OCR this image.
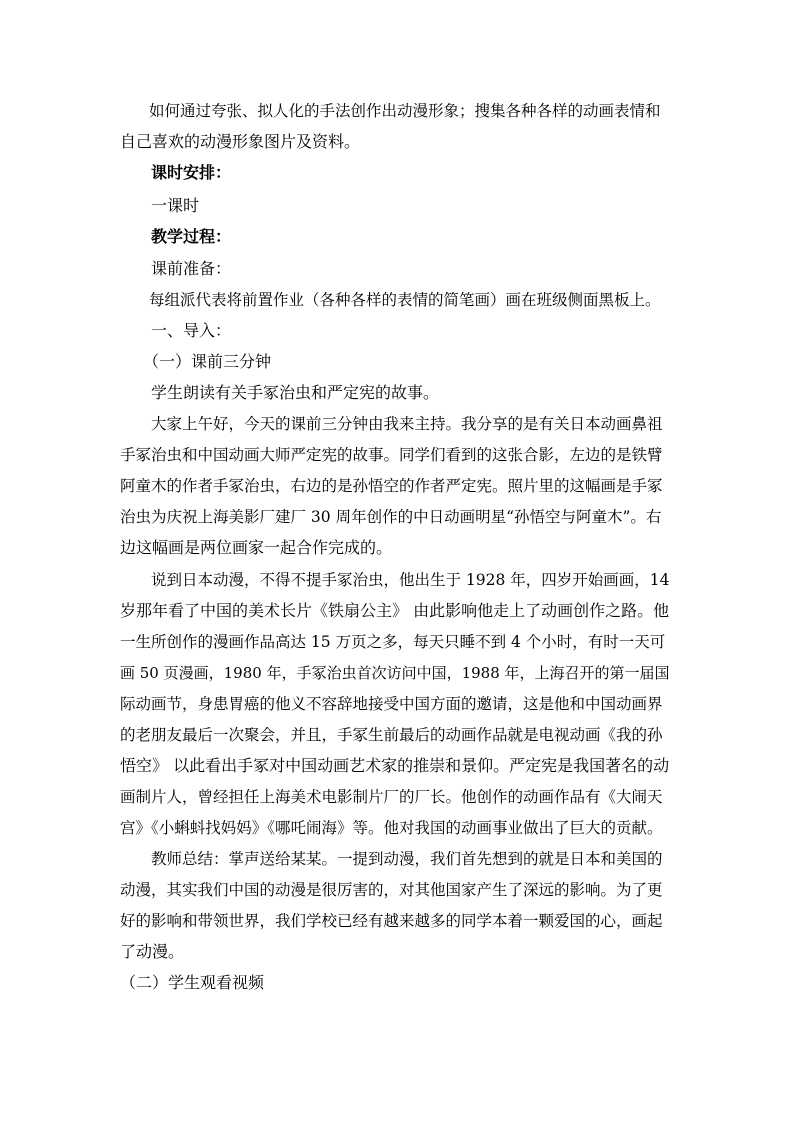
如何通过夸张、拟人化的手法创作出动漫形象；搜集各种各样的动画表情和
自己喜欢的动漫形象图片及资料。
课时安排：
一课时
教学过程：
课前准备：
每组派代表将前置作业（各种各样的表情的简笔画）画在班级侧面黑板上。
一、导入：
（一）课前三分钟
学生朗读有关手冢治虫和严定宪的故事。
大家上午好，今天的课前三分钟由我来主持。我分享的是有关日本动画鼻祖
手冢治虫和中国动画大师严定宪的故事。同学们看到的这张合影，左边的是铁臂
阿童木的作者手冢治虫，右边的是孙悟空的作者严定宪。照片里的这幅画是手冢
治虫为庆祝上海美影厂建厂 30 周年创作的中日动画明星“孙悟空与阿童木”。右
边这幅画是两位画家一起合作完成的。
说到日本动漫，不得不提手冢治虫，他出生于 1928 年，四岁开始画画，14
岁那年看了中国的美术长片《铁扇公主》 由此影响他走上了动画创作之路。他
一生所创作的漫画作品高达 15 万页之多，每天只睡不到 4 个小时，有时一天可
画 50 页漫画，1980 年，手冢治虫首次访问中国，1988 年，上海召开的第一届国
际动画节，身患胃癌的他义不容辞地接受中国方面的邀请，这是他和中国动画界
的老朋友最后一次聚会，并且，手冢生前最后的动画作品就是电视动画《我的孙
悟空》 以此看出手冢对中国动画艺术家的推崇和景仰。严定宪是我国著名的动
画制片人，曾经担任上海美术电影制片厂的厂长。他创作的动画作品有《大闹天
宫》《小蝌蚪找妈妈》《哪吒闹海》等。他对我国的动画事业做出了巨大的贡献。
教师总结：掌声送给某某。一提到动漫，我们首先想到的就是日本和美国的
动漫，其实我们中国的动漫是很厉害的，对其他国家产生了深远的影响。为了更
好的影响和带领世界，我们学校已经有越来越多的同学本着一颗爱国的心，画起
了动漫。
（二）学生观看视频
